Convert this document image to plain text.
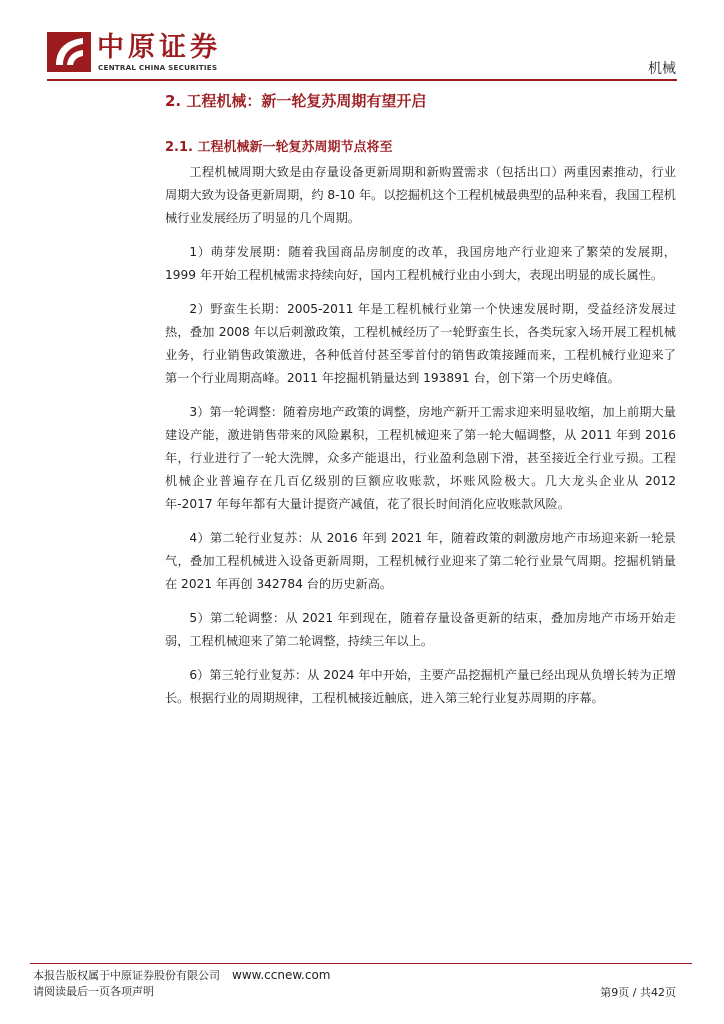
中原证券
CENTRAL CHINA SECURITIES	机械
2. 工程机械：新一轮复苏周期有望开启
2.1. 工程机械新一轮复苏周期节点将至

工程机械周期大致是由存量设备更新周期和新购置需求（包括出口）两重因素推动，行业周期大致为设备更新周期，约 8-10 年。以挖掘机这个工程机械最典型的品种来看，我国工程机械行业发展经历了明显的几个周期。

1）萌芽发展期：随着我国商品房制度的改革，我国房地产行业迎来了繁荣的发展期，1999 年开始工程机械需求持续向好，国内工程机械行业由小到大，表现出明显的成长属性。

2）野蛮生长期：2005-2011 年是工程机械行业第一个快速发展时期，受益经济发展过热，叠加 2008 年以后刺激政策，工程机械经历了一轮野蛮生长，各类玩家入场开展工程机械业务，行业销售政策激进，各种低首付甚至零首付的销售政策接踵而来，工程机械行业迎来了第一个行业周期高峰。2011 年挖掘机销量达到 193891 台，创下第一个历史峰值。

3）第一轮调整：随着房地产政策的调整，房地产新开工需求迎来明显收缩，加上前期大量建设产能，激进销售带来的风险累积，工程机械迎来了第一轮大幅调整，从 2011 年到 2016 年，行业进行了一轮大洗牌，众多产能退出，行业盈利急剧下滑，甚至接近全行业亏损。工程机械企业普遍存在几百亿级别的巨额应收账款，坏账风险极大。几大龙头企业从 2012 年-2017 年每年都有大量计提资产减值，花了很长时间消化应收账款风险。

4）第二轮行业复苏：从 2016 年到 2021 年，随着政策的刺激房地产市场迎来新一轮景气，叠加工程机械进入设备更新周期，工程机械行业迎来了第二轮行业景气周期。挖掘机销量在 2021 年再创 342784 台的历史新高。

5）第二轮调整：从 2021 年到现在，随着存量设备更新的结束，叠加房地产市场开始走弱，工程机械迎来了第二轮调整，持续三年以上。

6）第三轮行业复苏：从 2024 年中开始，主要产品挖掘机产量已经出现从负增长转为正增长。根据行业的周期规律，工程机械接近触底，进入第三轮行业复苏周期的序幕。

本报告版权属于中原证券股份有限公司 www.ccnew.com
请阅读最后一页各项声明	第9页 / 共42页
